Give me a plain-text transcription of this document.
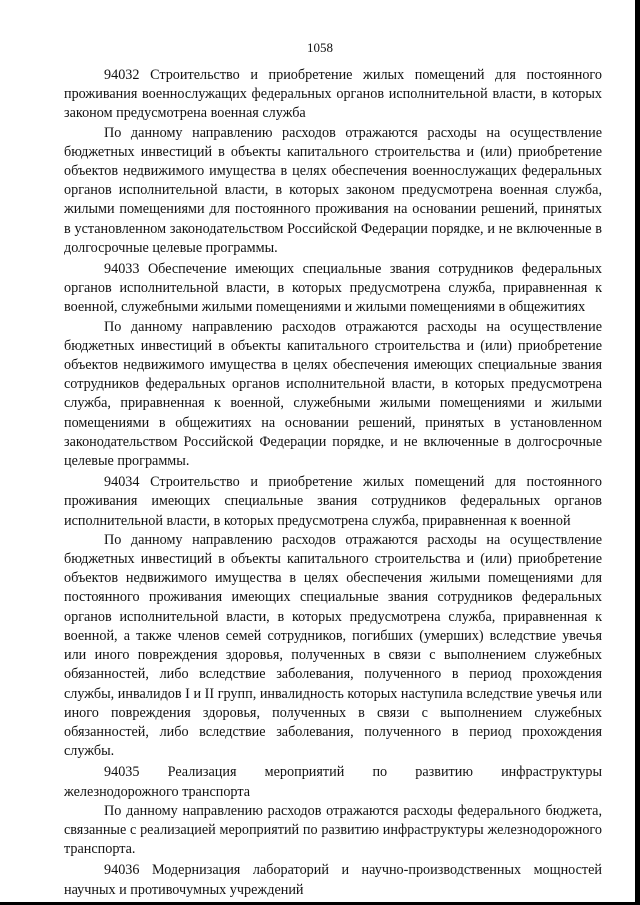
1058

94032 Строительство и приобретение жилых помещений для постоянного проживания военнослужащих федеральных органов исполнительной власти, в которых законом предусмотрена военная служба

По данному направлению расходов отражаются расходы на осуществление бюджетных инвестиций в объекты капитального строительства и (или) приобретение объектов недвижимого имущества в целях обеспечения военнослужащих федеральных органов исполнительной власти, в которых законом предусмотрена военная служба, жилыми помещениями для постоянного проживания на основании решений, принятых в установленном законодательством Российской Федерации порядке, и не включенные в долгосрочные целевые программы.

94033 Обеспечение имеющих специальные звания сотрудников федеральных органов исполнительной власти, в которых предусмотрена служба, приравненная к военной, служебными жилыми помещениями и жилыми помещениями в общежитиях

По данному направлению расходов отражаются расходы на осуществление бюджетных инвестиций в объекты капитального строительства и (или) приобретение объектов недвижимого имущества в целях обеспечения имеющих специальные звания сотрудников федеральных органов исполнительной власти, в которых предусмотрена служба, приравненная к военной, служебными жилыми помещениями и жилыми помещениями в общежитиях на основании решений, принятых в установленном законодательством Российской Федерации порядке, и не включенные в долгосрочные целевые программы.

94034 Строительство и приобретение жилых помещений для постоянного проживания имеющих специальные звания сотрудников федеральных органов исполнительной власти, в которых предусмотрена служба, приравненная к военной

По данному направлению расходов отражаются расходы на осуществление бюджетных инвестиций в объекты капитального строительства и (или) приобретение объектов недвижимого имущества в целях обеспечения жилыми помещениями для постоянного проживания имеющих специальные звания сотрудников федеральных органов исполнительной власти, в которых предусмотрена служба, приравненная к военной, а также членов семей сотрудников, погибших (умерших) вследствие увечья или иного повреждения здоровья, полученных в связи с выполнением служебных обязанностей, либо вследствие заболевания, полученного в период прохождения службы, инвалидов I и II групп, инвалидность которых наступила вследствие увечья или иного повреждения здоровья, полученных в связи с выполнением служебных обязанностей, либо вследствие заболевания, полученного в период прохождения службы.

94035 Реализация мероприятий по развитию инфраструктуры
железнодорожного транспорта

По данному направлению расходов отражаются расходы федерального бюджета, связанные с реализацией мероприятий по развитию инфраструктуры железнодорожного транспорта.

94036 Модернизация лабораторий и научно-производственных мощностей научных и противочумных учреждений
